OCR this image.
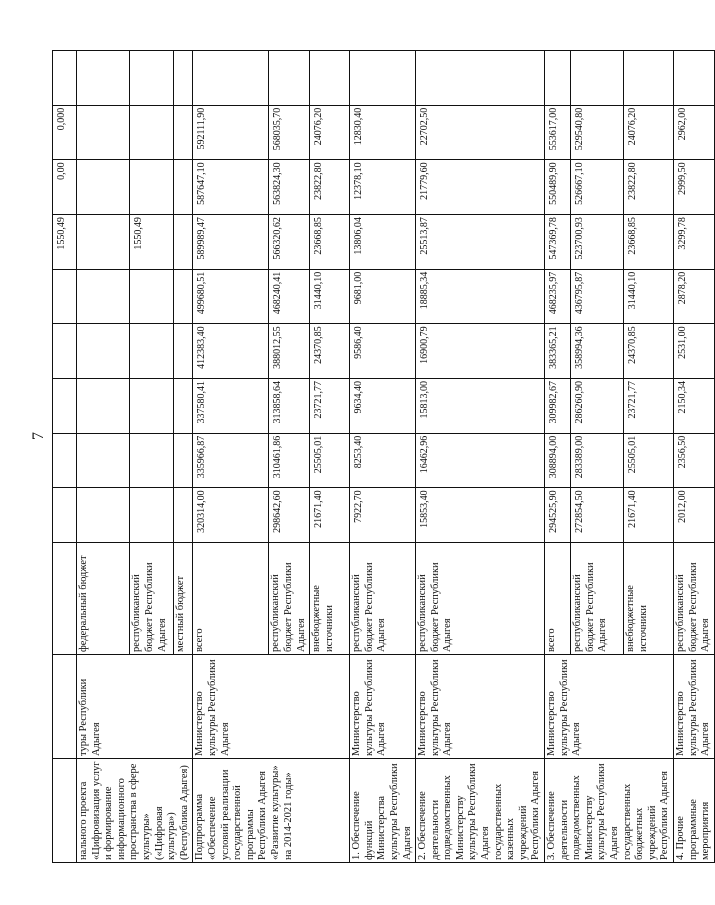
7
								1550,49	0,00	0,000	
нального проекта «Цифровизация услуг и формирование информационного пространства в сфере культуры» («Цифровая культура») (Республика Адыгея)	туры Республики Адыгея	федеральный бюджет									
		республиканский бюджет Республики Адыгея						1550,49			
		местный бюджет									
Подпрограмма «Обеспечение условий реализации государственной программы Республики Адыгея «Развитие культуры» на 2014-2021 годы»	Министерство культуры Республики Адыгея	всего	320314,00	335966,87	337580,41	412383,40	499680,51	589989,47	587647,10	592111,90	
		республиканский бюджет Республики Адыгея	298642,60	310461,86	313858,64	388012,55	468240,41	566320,62	563824,30	568035,70	
		внебюджетные источники	21671,40	25505,01	23721,77	24370,85	31440,10	23668,85	23822,80	24076,20	
1. Обеспечение функций Министерства культуры Республики Адыгея	Министерство культуры Республики Адыгея	республиканский бюджет Республики Адыгея	7922,70	8253,40	9634,40	9586,40	9681,00	13806,04	12378,10	12830,40	
2. Обеспечение деятельности подведомственных Министерству культуры Республики Адыгея государственных казенных учреждений Республики Адыгея	Министерство культуры Республики Адыгея	республиканский бюджет Республики Адыгея	15853,40	16462,96	15813,00	16900,79	18885,34	25513,87	21779,60	22702,50	
3. Обеспечение деятельности подведомственных Министерству культуры Республики Адыгея государственных бюджетных учреждений Республики Адыгея	Министерство культуры Республики Адыгея	всего	294525,90	308894,00	309982,67	383365,21	468235,97	547369,78	550489,90	553617,00	
		республиканский бюджет Республики Адыгея	272854,50	283389,00	286260,90	358994,36	436795,87	523700,93	526667,10	529540,80	
		внебюджетные источники	21671,40	25505,01	23721,77	24370,85	31440,10	23668,85	23822,80	24076,20	
4. Прочие программные мероприятия	Министерство культуры Республики Адыгея	республиканский бюджет Республики Адыгея	2012,00	2356,50	2150,34	2531,00	2878,20	3299,78	2999,50	2962,00	
